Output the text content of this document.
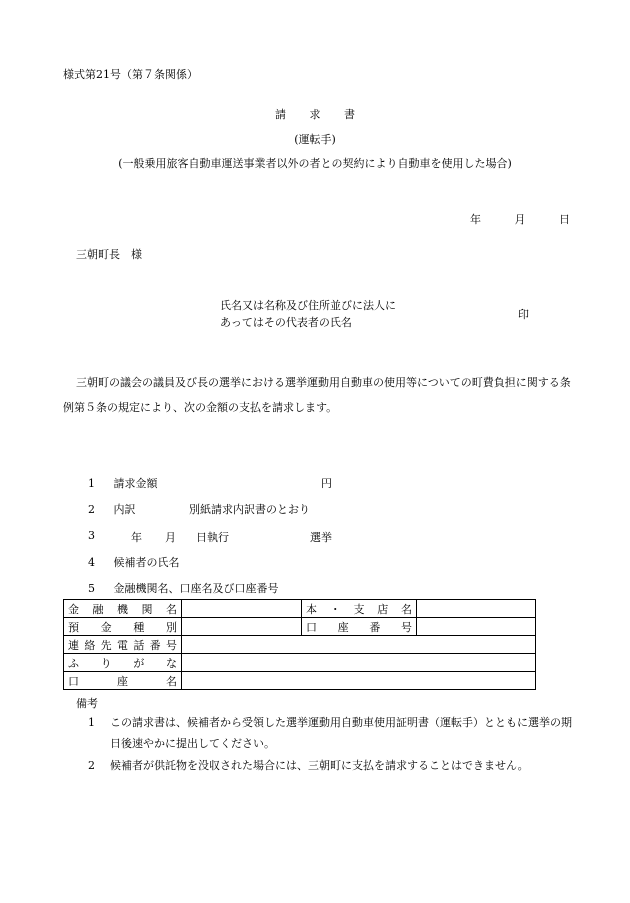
様式第21号（第７条関係）
請 求 書
(運転手)
(一般乗用旅客自動車運送事業者以外の者との契約により自動車を使用した場合)
年	月	日
三朝町長　様
氏名又は名称及び住所並びに法人に
あってはその代表者の氏名
印
三朝町の議会の議員及び長の選挙における選挙運動用自動車の使用等についての町費負担に関する条例第５条の規定により、次の金額の支払を請求します。
1 請求金額	円
2 内訳	別紙請求内訳書のとおり
3	年 月 日執行	選挙
4 候補者の氏名
5 金融機関名、口座名及び口座番号
金融機関名		本・支店名	
預金種別		口座番号	
連絡先電話番号			
ふりがな			
口座名			
備考
1 この請求書は、候補者から受領した選挙運動用自動車使用証明書（運転手）とともに選挙の期日後速やかに提出してください。
2 候補者が供託物を没収された場合には、三朝町に支払を請求することはできません。
